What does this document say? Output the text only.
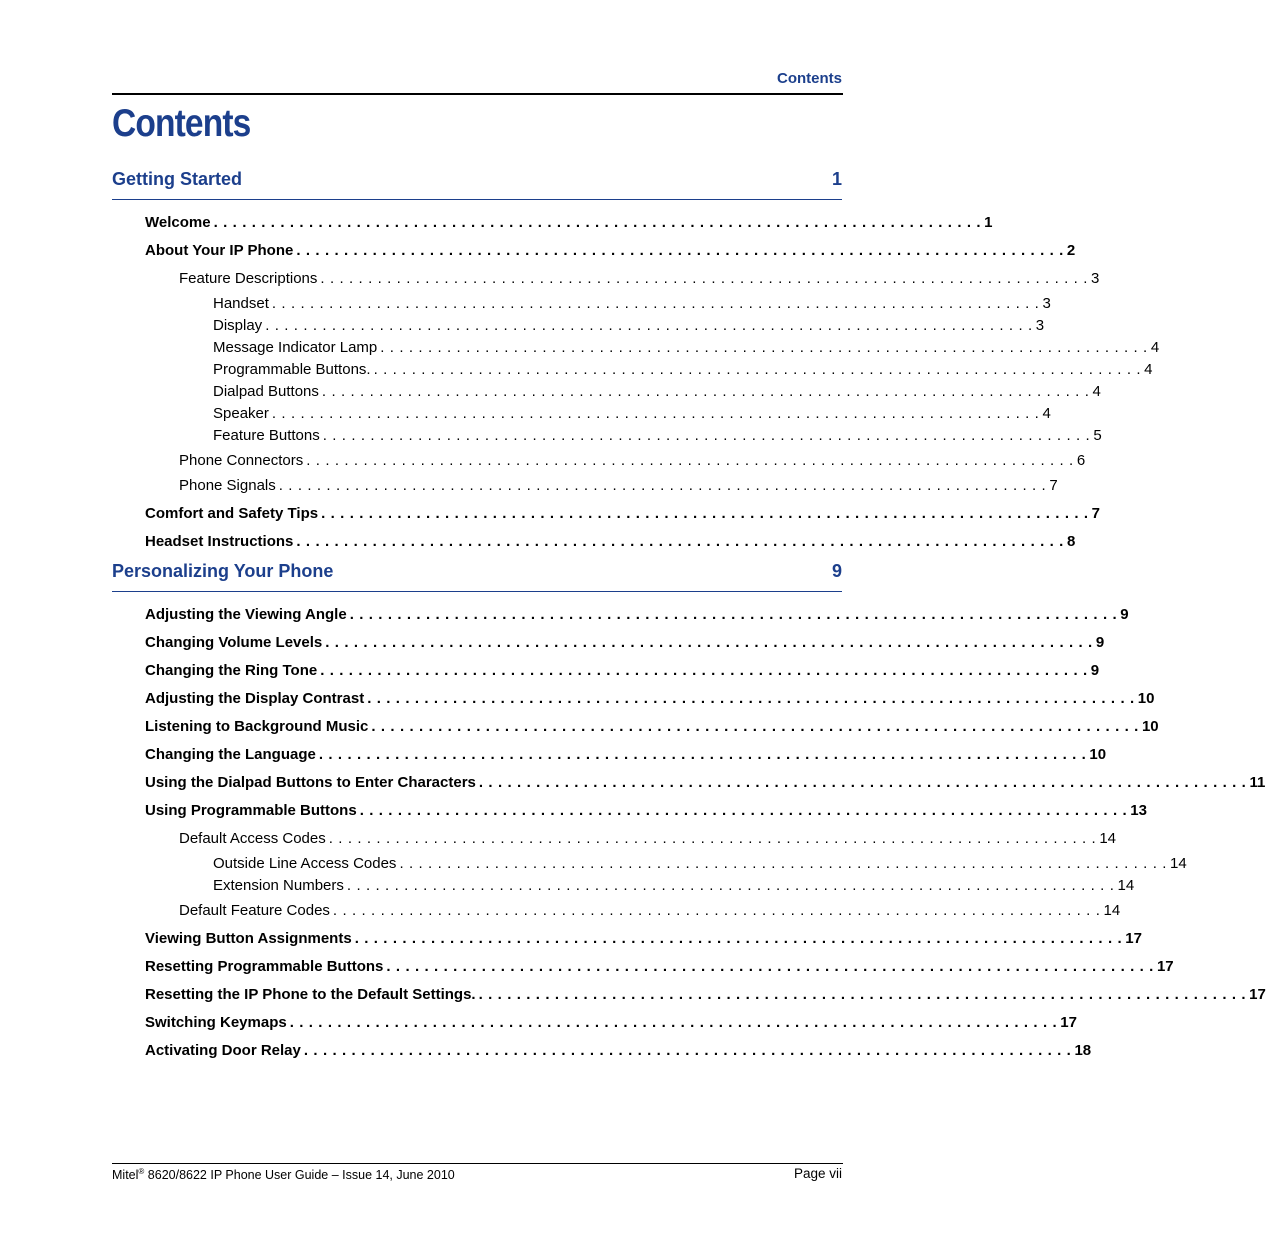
Contents
Contents
Getting Started	1
Welcome . . . . . . . . . . . . . . . . . . . . . . . . . . . . . . . . . . . . . . . . . . . . . . . . . . . . . . . . . . . . . . . . . . . . . . . . . . . . . . . . . 1
About Your IP Phone . . . . . . . . . . . . . . . . . . . . . . . . . . . . . . . . . . . . . . . . . . . . . . . . . . . . . . . . . . . . . . . . . . . . . . . . . . . . . . . . . 2
Feature Descriptions . . . . . . . . . . . . . . . . . . . . . . . . . . . . . . . . . . . . . . . . . . . . . . . . . . . . . . . . . . . . . . . . . . . . . . . . . . . . . . . . . 3
Handset . . . . . . . . . . . . . . . . . . . . . . . . . . . . . . . . . . . . . . . . . . . . . . . . . . . . . . . . . . . . . . . . . . . . . . . . . . . . . . . . . 3
Display . . . . . . . . . . . . . . . . . . . . . . . . . . . . . . . . . . . . . . . . . . . . . . . . . . . . . . . . . . . . . . . . . . . . . . . . . . . . . . . . . 3
Message Indicator Lamp . . . . . . . . . . . . . . . . . . . . . . . . . . . . . . . . . . . . . . . . . . . . . . . . . . . . . . . . . . . . . . . . . . . . . . . . . . . . . . . . . 4
Programmable Buttons. . . . . . . . . . . . . . . . . . . . . . . . . . . . . . . . . . . . . . . . . . . . . . . . . . . . . . . . . . . . . . . . . . . . . . . . . . . . . . . . . . 4
Dialpad Buttons . . . . . . . . . . . . . . . . . . . . . . . . . . . . . . . . . . . . . . . . . . . . . . . . . . . . . . . . . . . . . . . . . . . . . . . . . . . . . . . . . 4
Speaker . . . . . . . . . . . . . . . . . . . . . . . . . . . . . . . . . . . . . . . . . . . . . . . . . . . . . . . . . . . . . . . . . . . . . . . . . . . . . . . . . 4
Feature Buttons . . . . . . . . . . . . . . . . . . . . . . . . . . . . . . . . . . . . . . . . . . . . . . . . . . . . . . . . . . . . . . . . . . . . . . . . . . . . . . . . . 5
Phone Connectors . . . . . . . . . . . . . . . . . . . . . . . . . . . . . . . . . . . . . . . . . . . . . . . . . . . . . . . . . . . . . . . . . . . . . . . . . . . . . . . . . 6
Phone Signals . . . . . . . . . . . . . . . . . . . . . . . . . . . . . . . . . . . . . . . . . . . . . . . . . . . . . . . . . . . . . . . . . . . . . . . . . . . . . . . . . 7
Comfort and Safety Tips . . . . . . . . . . . . . . . . . . . . . . . . . . . . . . . . . . . . . . . . . . . . . . . . . . . . . . . . . . . . . . . . . . . . . . . . . . . . . . . . . 7
Headset Instructions . . . . . . . . . . . . . . . . . . . . . . . . . . . . . . . . . . . . . . . . . . . . . . . . . . . . . . . . . . . . . . . . . . . . . . . . . . . . . . . . . 8
Personalizing Your Phone	9
Adjusting the Viewing Angle . . . . . . . . . . . . . . . . . . . . . . . . . . . . . . . . . . . . . . . . . . . . . . . . . . . . . . . . . . . . . . . . . . . . . . . . . . . . . . . . . 9
Changing Volume Levels . . . . . . . . . . . . . . . . . . . . . . . . . . . . . . . . . . . . . . . . . . . . . . . . . . . . . . . . . . . . . . . . . . . . . . . . . . . . . . . . . 9
Changing the Ring Tone . . . . . . . . . . . . . . . . . . . . . . . . . . . . . . . . . . . . . . . . . . . . . . . . . . . . . . . . . . . . . . . . . . . . . . . . . . . . . . . . . 9
Adjusting the Display Contrast . . . . . . . . . . . . . . . . . . . . . . . . . . . . . . . . . . . . . . . . . . . . . . . . . . . . . . . . . . . . . . . . . . . . . . . . . . . . . . . . . 10
Listening to Background Music . . . . . . . . . . . . . . . . . . . . . . . . . . . . . . . . . . . . . . . . . . . . . . . . . . . . . . . . . . . . . . . . . . . . . . . . . . . . . . . . . 10
Changing the Language . . . . . . . . . . . . . . . . . . . . . . . . . . . . . . . . . . . . . . . . . . . . . . . . . . . . . . . . . . . . . . . . . . . . . . . . . . . . . . . . . 10
Using the Dialpad Buttons to Enter Characters . . . . . . . . . . . . . . . . . . . . . . . . . . . . . . . . . . . . . . . . . . . . . . . . . . . . . . . . . . . . . . . . . . . . . . . . . . . . . . . . . 11
Using Programmable Buttons . . . . . . . . . . . . . . . . . . . . . . . . . . . . . . . . . . . . . . . . . . . . . . . . . . . . . . . . . . . . . . . . . . . . . . . . . . . . . . . . . 13
Default Access Codes . . . . . . . . . . . . . . . . . . . . . . . . . . . . . . . . . . . . . . . . . . . . . . . . . . . . . . . . . . . . . . . . . . . . . . . . . . . . . . . . . 14
Outside Line Access Codes . . . . . . . . . . . . . . . . . . . . . . . . . . . . . . . . . . . . . . . . . . . . . . . . . . . . . . . . . . . . . . . . . . . . . . . . . . . . . . . . . 14
Extension Numbers . . . . . . . . . . . . . . . . . . . . . . . . . . . . . . . . . . . . . . . . . . . . . . . . . . . . . . . . . . . . . . . . . . . . . . . . . . . . . . . . . 14
Default Feature Codes . . . . . . . . . . . . . . . . . . . . . . . . . . . . . . . . . . . . . . . . . . . . . . . . . . . . . . . . . . . . . . . . . . . . . . . . . . . . . . . . . 14
Viewing Button Assignments . . . . . . . . . . . . . . . . . . . . . . . . . . . . . . . . . . . . . . . . . . . . . . . . . . . . . . . . . . . . . . . . . . . . . . . . . . . . . . . . . 17
Resetting Programmable Buttons . . . . . . . . . . . . . . . . . . . . . . . . . . . . . . . . . . . . . . . . . . . . . . . . . . . . . . . . . . . . . . . . . . . . . . . . . . . . . . . . . 17
Resetting the IP Phone to the Default Settings. . . . . . . . . . . . . . . . . . . . . . . . . . . . . . . . . . . . . . . . . . . . . . . . . . . . . . . . . . . . . . . . . . . . . . . . . . . . . . . . . . 17
Switching Keymaps . . . . . . . . . . . . . . . . . . . . . . . . . . . . . . . . . . . . . . . . . . . . . . . . . . . . . . . . . . . . . . . . . . . . . . . . . . . . . . . . . 17
Activating Door Relay . . . . . . . . . . . . . . . . . . . . . . . . . . . . . . . . . . . . . . . . . . . . . . . . . . . . . . . . . . . . . . . . . . . . . . . . . . . . . . . . . 18
Mitel® 8620/8622 IP Phone User Guide – Issue 14, June 2010	Page vii
